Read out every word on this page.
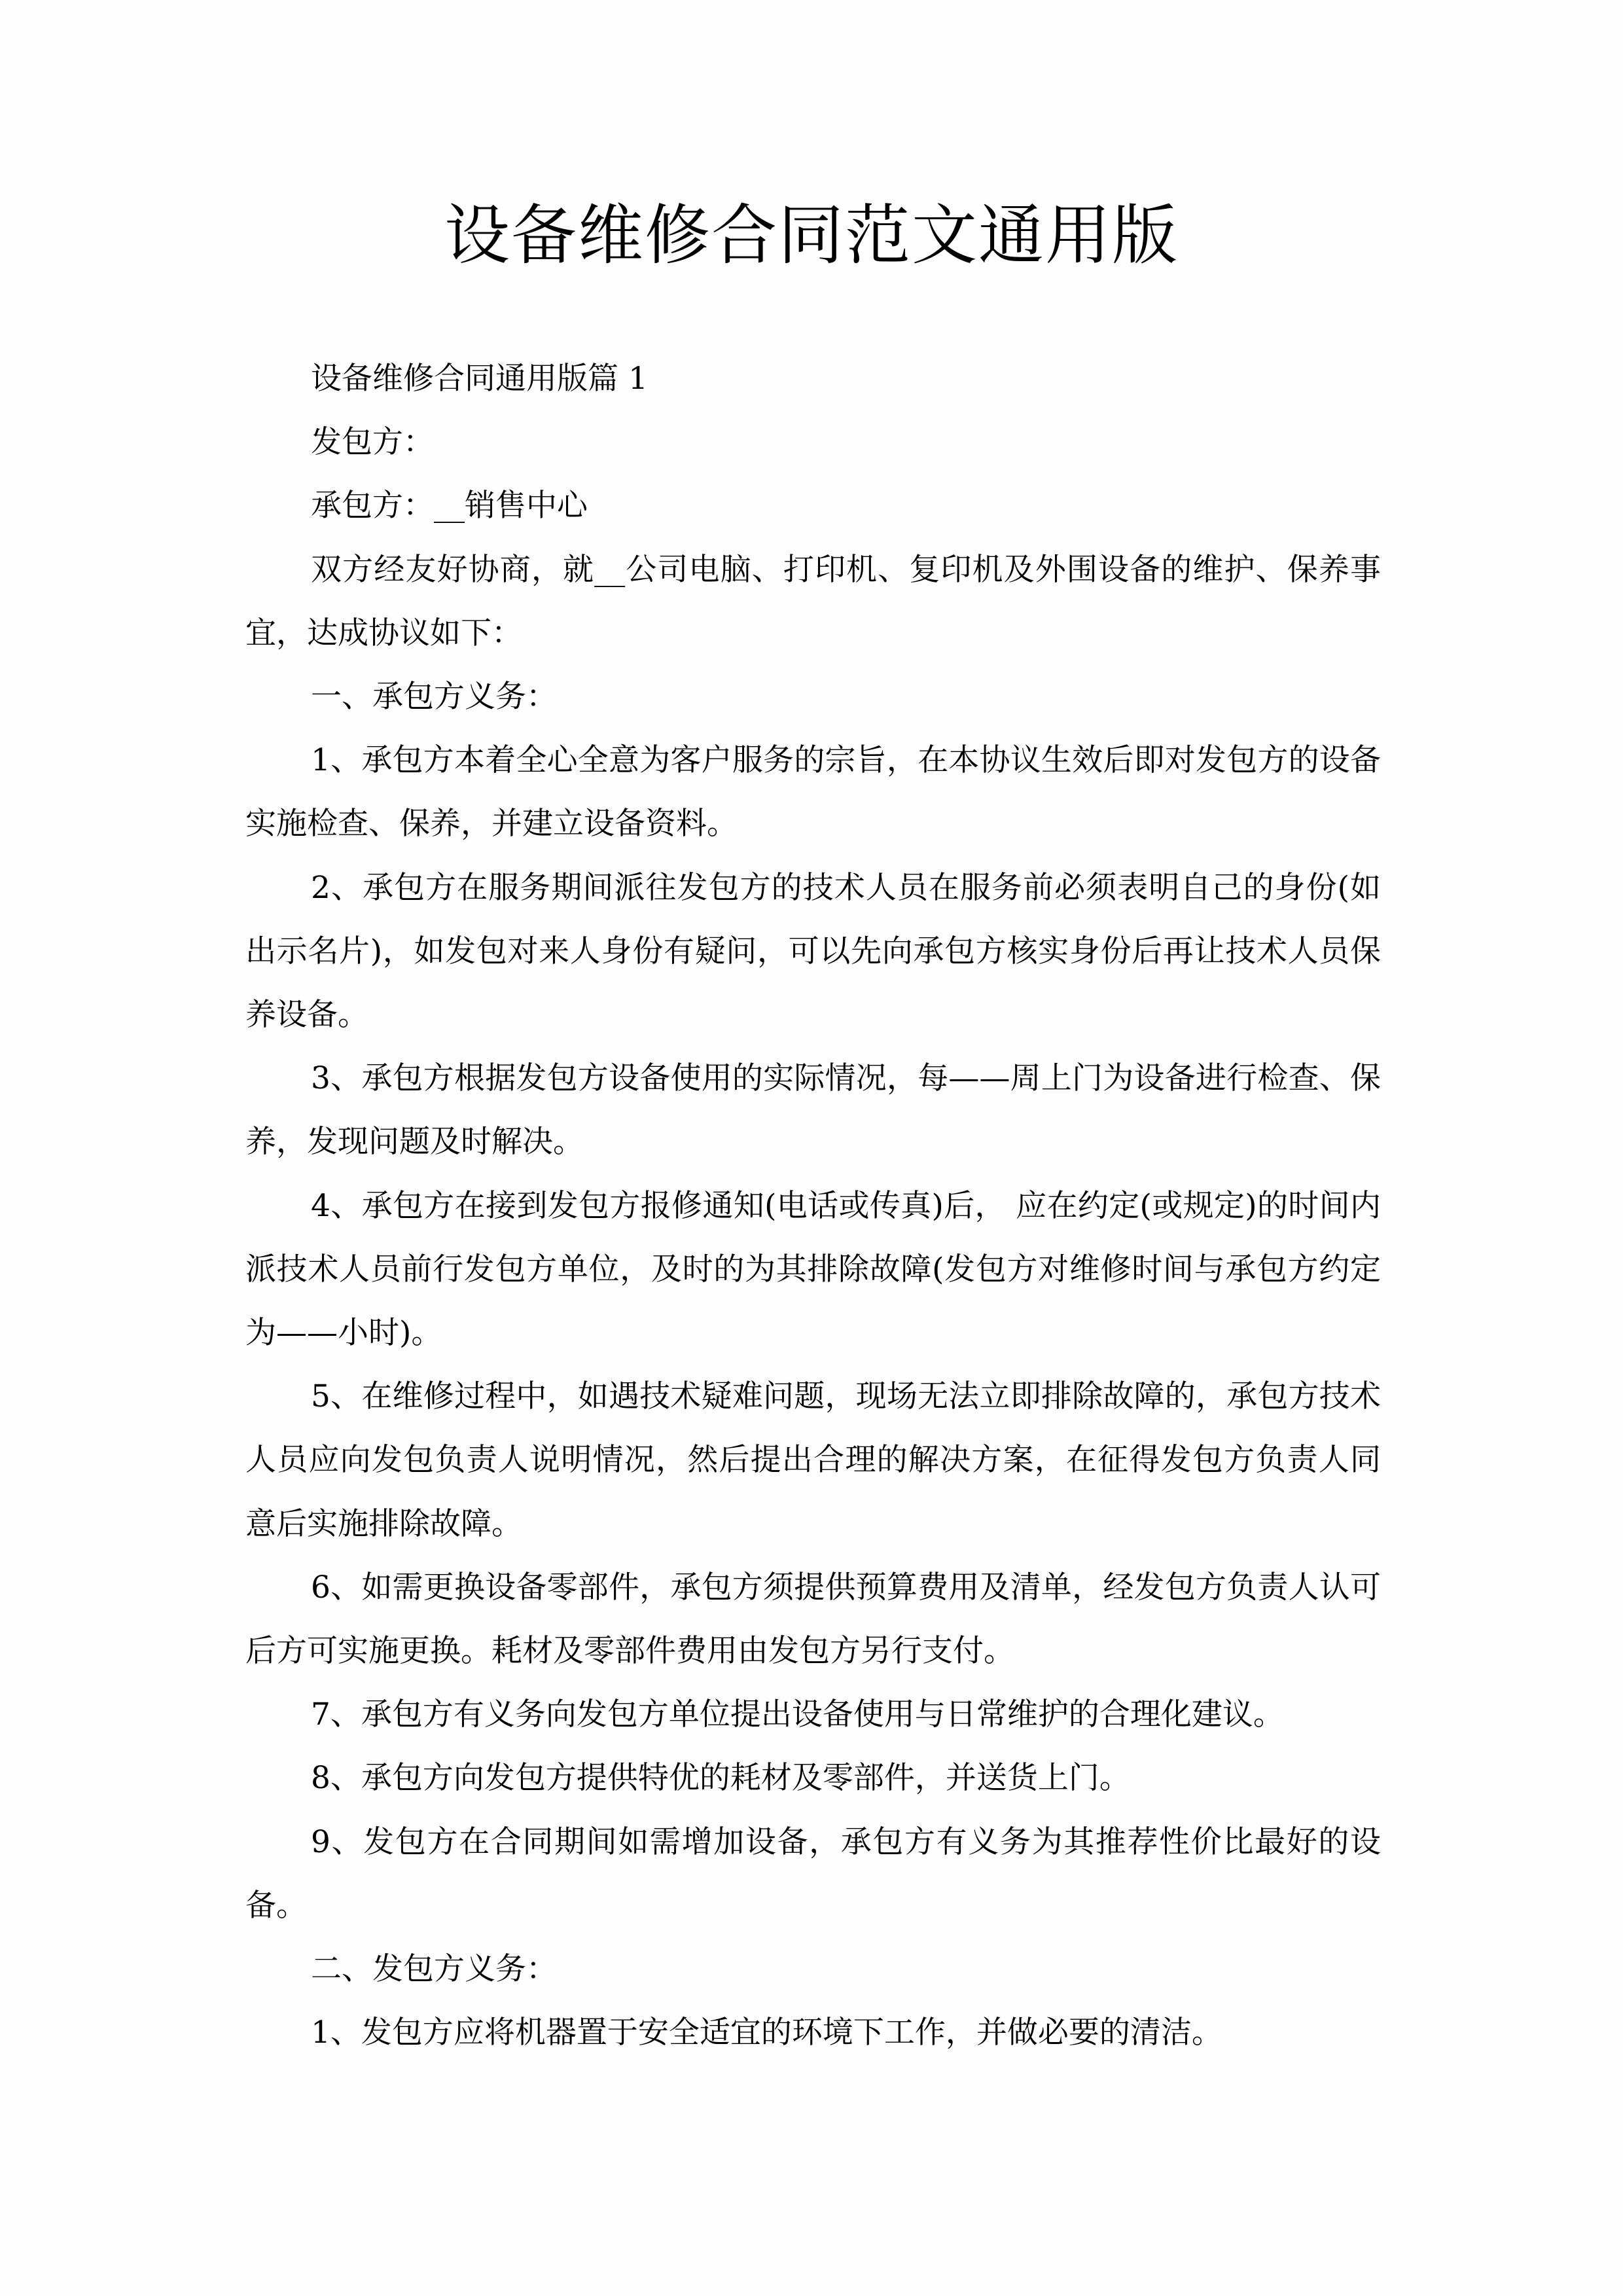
设备维修合同范文通用版

设备维修合同通用版篇 1

发包方：

承包方：__销售中心

双方经友好协商，就__公司电脑、打印机、复印机及外围设备的维护、保养事宜，达成协议如下：

一、承包方义务：

1、承包方本着全心全意为客户服务的宗旨，在本协议生效后即对发包方的设备实施检查、保养，并建立设备资料。

2、承包方在服务期间派往发包方的技术人员在服务前必须表明自己的身份(如出示名片)，如发包对来人身份有疑问，可以先向承包方核实身份后再让技术人员保养设备。

3、承包方根据发包方设备使用的实际情况，每——周上门为设备进行检查、保养，发现问题及时解决。

4、承包方在接到发包方报修通知(电话或传真)后， 应在约定(或规定)的时间内派技术人员前行发包方单位，及时的为其排除故障(发包方对维修时间与承包方约定为——小时)。

5、在维修过程中，如遇技术疑难问题，现场无法立即排除故障的，承包方技术人员应向发包负责人说明情况，然后提出合理的解决方案，在征得发包方负责人同意后实施排除故障。

6、如需更换设备零部件，承包方须提供预算费用及清单，经发包方负责人认可后方可实施更换。耗材及零部件费用由发包方另行支付。

7、承包方有义务向发包方单位提出设备使用与日常维护的合理化建议。

8、承包方向发包方提供特优的耗材及零部件，并送货上门。

9、发包方在合同期间如需增加设备，承包方有义务为其推荐性价比最好的设备。

二、发包方义务：

1、发包方应将机器置于安全适宜的环境下工作，并做必要的清洁。
